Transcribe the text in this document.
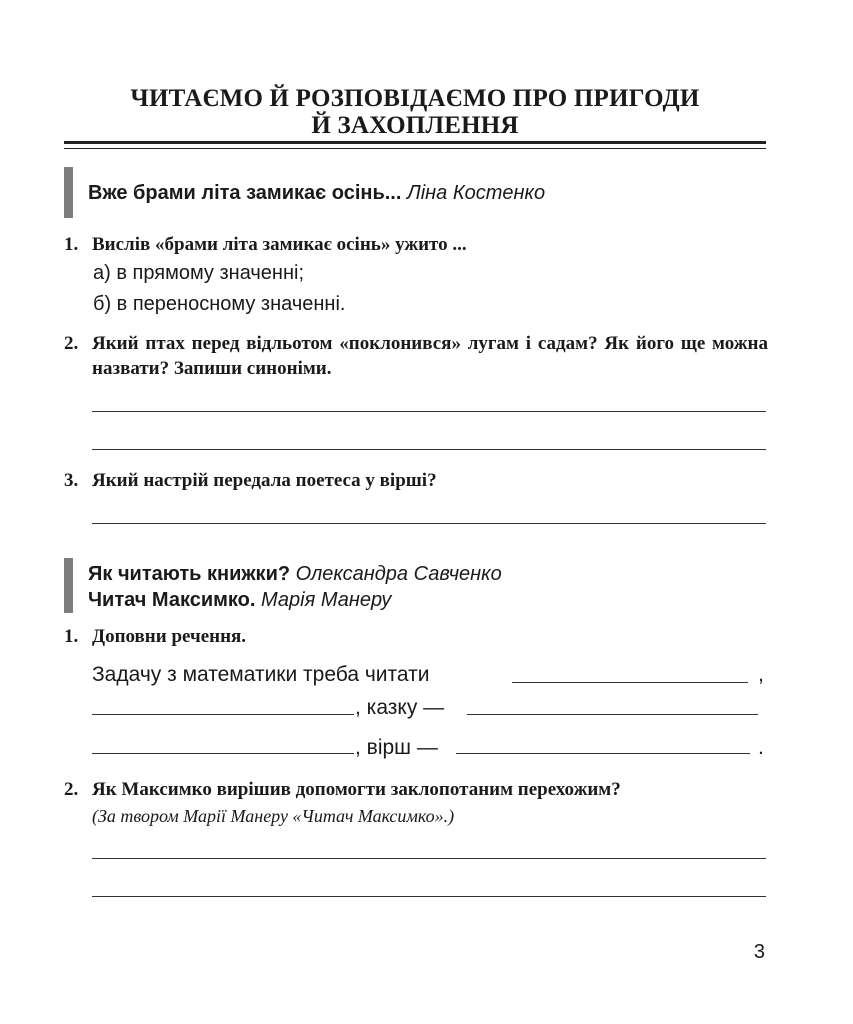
ЧИТАЄМО Й РОЗПОВІДАЄМО ПРО ПРИГОДИ
Й ЗАХОПЛЕННЯ
Вже брами літа замикає осінь... Ліна Костенко
1. Вислів «брами літа замикає осінь» ужито ...
а) в прямому значенні;
б) в переносному значенні.
2. Який птах перед відльотом «поклонився» лугам і садам? Як його ще можна назвати? Запиши синоніми.
3. Який настрій передала поетеса у вірші?
Як читають книжки? Олександра Савченко
Читач Максимко. Марія Манеру
1. Доповни речення.
Задачу з математики треба читати	,
, казку —
, вірш —	.
2. Як Максимко вирішив допомогти заклопотаним перехожим?
(За твором Марії Манеру «Читач Максимко».)
3
